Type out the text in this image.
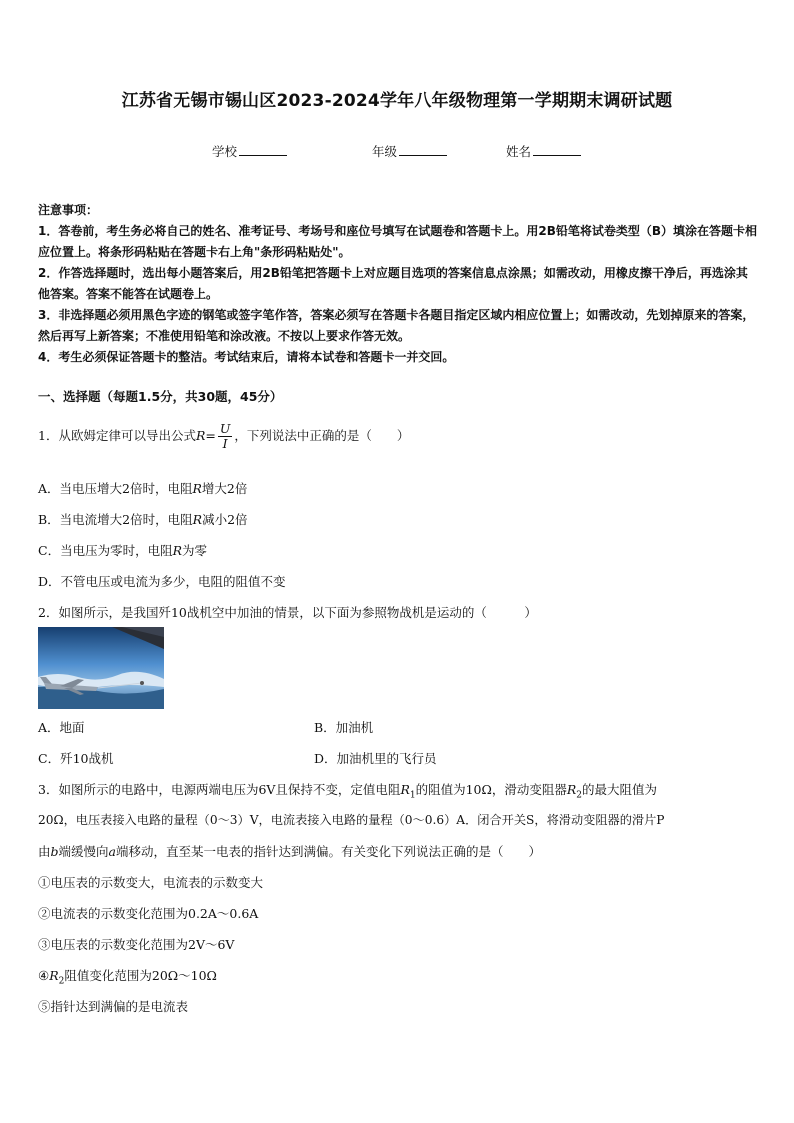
江苏省无锡市锡山区2023-2024学年八年级物理第一学期期末调研试题
学校	年级	姓名

注意事项：

1．答卷前，考生务必将自己的姓名、准考证号、考场号和座位号填写在试题卷和答题卡上。用2B铅笔将试卷类型（B）填涂在答题卡相应位置上。将条形码粘贴在答题卡右上角"条形码粘贴处"。

2．作答选择题时，选出每小题答案后，用2B铅笔把答题卡上对应题目选项的答案信息点涂黑；如需改动，用橡皮擦干净后，再选涂其他答案。答案不能答在试题卷上。

3．非选择题必须用黑色字迹的钢笔或签字笔作答，答案必须写在答题卡各题目指定区域内相应位置上；如需改动，先划掉原来的答案，然后再写上新答案；不准使用铅笔和涂改液。不按以上要求作答无效。

4．考生必须保证答题卡的整洁。考试结束后，请将本试卷和答题卡一并交回。

一、选择题（每题1.5分，共30题，45分）
1．从欧姆定律可以导出公式$R= \frac{U}{I}$ ，下列说法中正确的是（　　）
A．当电压增大2倍时，电阻R增大2倍
B．当电流增大2倍时，电阻R减小2倍
C．当电压为零时，电阻R为零
D．不管电压或电流为多少，电阻的阻值不变
2．如图所示，是我国歼10战机空中加油的情景，以下面为参照物战机是运动的（　　　）
A．地面	B．加油机
C．歼10战机	D．加油机里的飞行员
3．如图所示的电路中，电源两端电压为6V且保持不变，定值电阻$R_1$的阻值为10Ω，滑动变阻器$R_2$的最大阻值为
20Ω，电压表接入电路的量程（0～3）V，电流表接入电路的量程（0～0.6）A．闭合开关S，将滑动变阻器的滑片P
由b端缓慢向a端移动，直至某一电表的指针达到满偏。有关变化下列说法正确的是（　　）
①电压表的示数变大，电流表的示数变大
②电流表的示数变化范围为0.2A～0.6A
③电压表的示数变化范围为2V～6V
$④R_2$阻值变化范围为20Ω～10Ω
⑤指针达到满偏的是电流表
